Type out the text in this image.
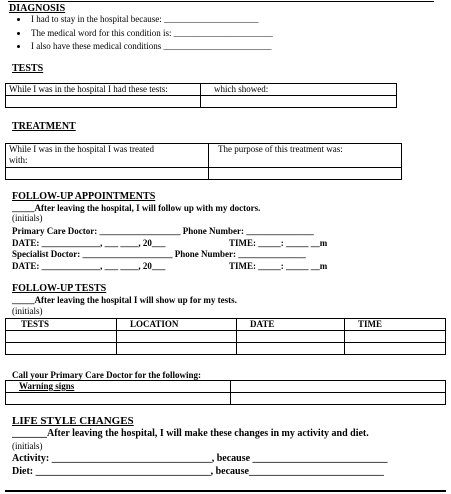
DIAGNOSIS
I had to stay in the hospital because: _____________________
The medical word for this condition is: ______________________
I also have these medical conditions ________________________
TESTS
While I was in the hospital I had these tests:	which showed:

TREATMENT
While I was in the hospital I was treated
with:	The purpose of this treatment was:

FOLLOW-UP APPOINTMENTS
_____After leaving the hospital, I will follow up with my doctors.
(initials)
Primary Care Doctor: __________________ Phone Number: _______________
DATE: _____________, ___ ____, 20___	TIME: _____: _____ __m
Specialist Doctor: ____________________ Phone Number: _______________
DATE: _____________, ___ ____, 20___	TIME: _____: _____ __m
FOLLOW-UP TESTS
_____After leaving the hospital I will show up for my tests.
(initials)
TESTS	LOCATION	DATE	TIME

Call your Primary Care Doctor for the following:
Warning signs	

LIFE STYLE CHANGES
_______After leaving the hospital, I will make these changes in my activity and diet.
(initials)
Activity: ________________________________, because ___________________________
Diet: ___________________________________, because___________________________
